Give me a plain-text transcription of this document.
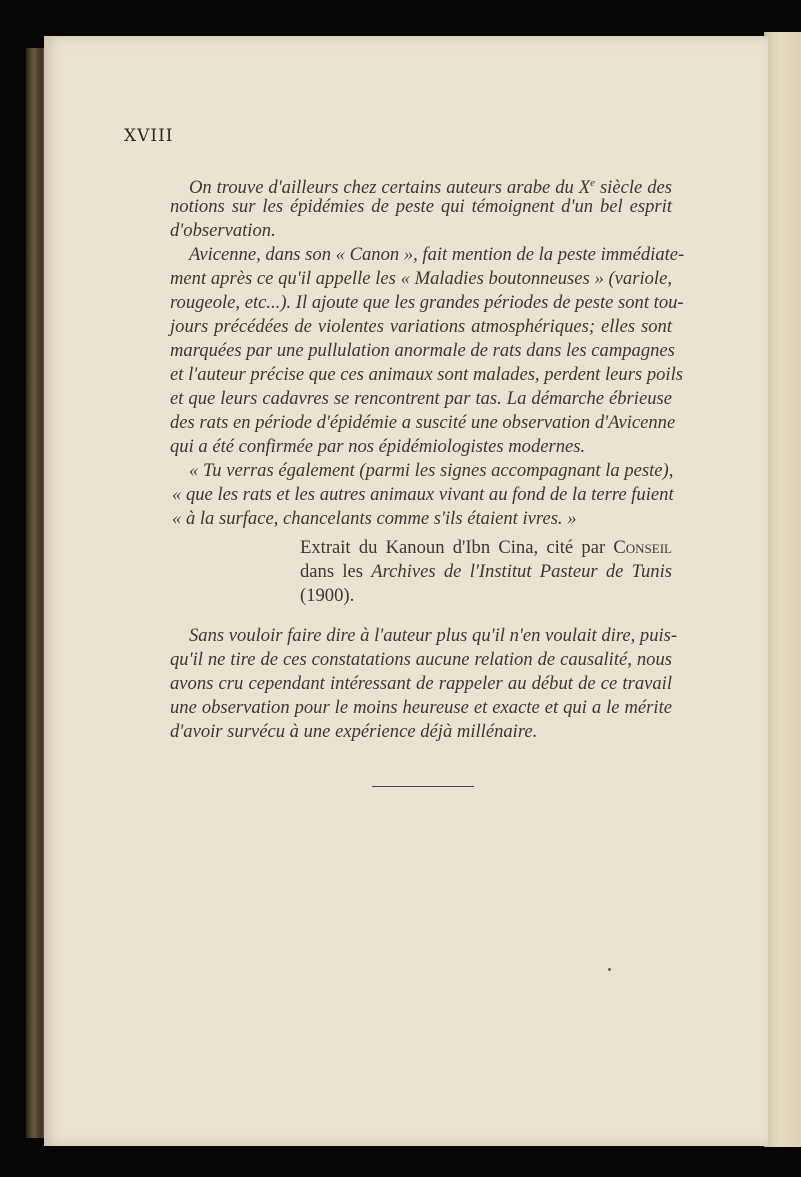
XVIII
On trouve d'ailleurs chez certains auteurs arabe du Xe siècle des
notions sur les épidémies de peste qui témoignent d'un bel esprit
d'observation.
Avicenne, dans son « Canon », fait mention de la peste immédiate-
ment après ce qu'il appelle les « Maladies boutonneuses » (variole,
rougeole, etc...). Il ajoute que les grandes périodes de peste sont tou-
jours précédées de violentes variations atmosphériques; elles sont
marquées par une pullulation anormale de rats dans les campagnes
et l'auteur précise que ces animaux sont malades, perdent leurs poils
et que leurs cadavres se rencontrent par tas. La démarche ébrieuse
des rats en période d'épidémie a suscité une observation d'Avicenne
qui a été confirmée par nos épidémiologistes modernes.
« Tu verras également (parmi les signes accompagnant la peste),
« que les rats et les autres animaux vivant au fond de la terre fuient
« à la surface, chancelants comme s'ils étaient ivres. »
Extrait du Kanoun d'Ibn Cina, cité par Conseil
dans les Archives de l'Institut Pasteur de Tunis
(1900).
Sans vouloir faire dire à l'auteur plus qu'il n'en voulait dire, puis-
qu'il ne tire de ces constatations aucune relation de causalité, nous
avons cru cependant intéressant de rappeler au début de ce travail
une observation pour le moins heureuse et exacte et qui a le mérite
d'avoir survécu à une expérience déjà millénaire.
